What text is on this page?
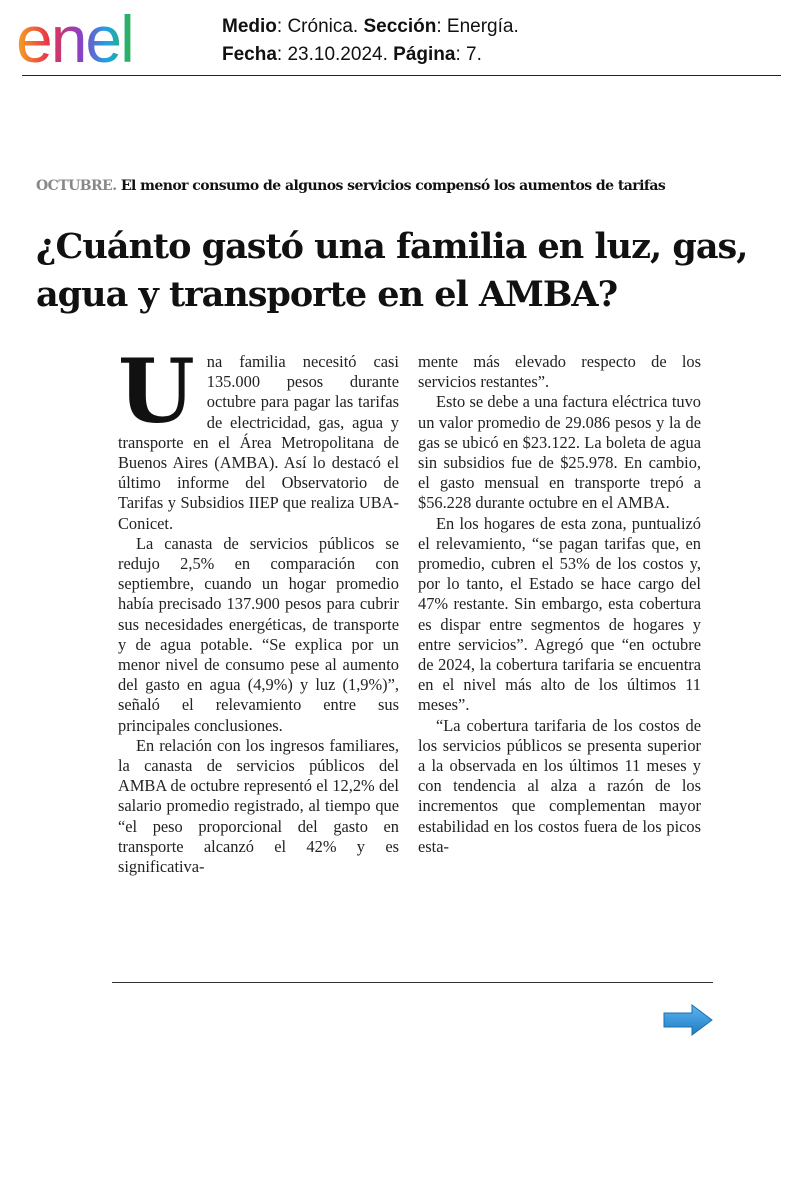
enel	Medio: Crónica. Sección: Energía.
Fecha: 23.10.2024. Página: 7.
OCTUBRE. El menor consumo de algunos servicios compensó los aumentos de tarifas
¿Cuánto gastó una familia en luz, gas, agua y transporte en el AMBA?

Una familia necesitó casi 135.000 pesos durante octubre para pagar las tarifas de electricidad, gas, agua y transporte en el Área Metropolitana de Buenos Aires (AMBA). Así lo destacó el último informe del Observatorio de Tarifas y Subsidios IIEP que realiza UBA-Conicet.

La canasta de servicios públicos se redujo 2,5% en comparación con septiembre, cuando un hogar promedio había precisado 137.900 pesos para cubrir sus necesidades energéticas, de transporte y de agua potable. “Se explica por un menor nivel de consumo pese al aumento del gasto en agua (4,9%) y luz (1,9%)”, señaló el relevamiento entre sus principales conclusiones.

En relación con los ingresos familiares, la canasta de servicios públicos del AMBA de octubre representó el 12,2% del salario promedio registrado, al tiempo que “el peso proporcional del gasto en transporte alcanzó el 42% y es significativa-

mente más elevado respecto de los servicios restantes”.

Esto se debe a una factura eléctrica tuvo un valor promedio de 29.086 pesos y la de gas se ubicó en $23.122. La boleta de agua sin subsidios fue de $25.978. En cambio, el gasto mensual en transporte trepó a $56.228 durante octubre en el AMBA.

En los hogares de esta zona, puntualizó el relevamiento, “se pagan tarifas que, en promedio, cubren el 53% de los costos y, por lo tanto, el Estado se hace cargo del 47% restante. Sin embargo, esta cobertura es dispar entre segmentos de hogares y entre servicios”. Agregó que “en octubre de 2024, la cobertura tarifaria se encuentra en el nivel más alto de los últimos 11 meses”.

“La cobertura tarifaria de los costos de los servicios públicos se presenta superior a la observada en los últimos 11 meses y con tendencia al alza a razón de los incrementos que complementan mayor estabilidad en los costos fuera de los picos esta-
